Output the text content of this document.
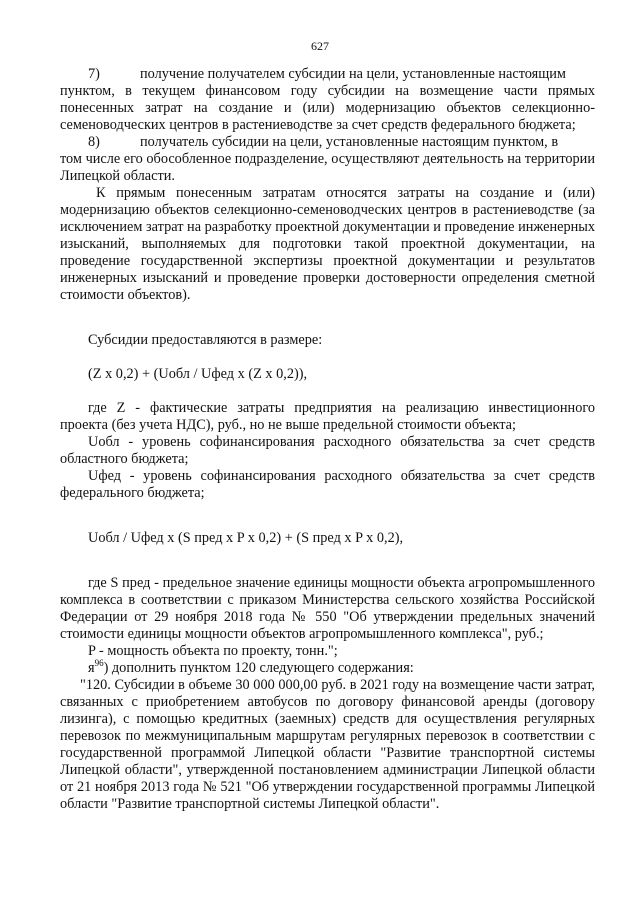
627
7)	получение получателем субсидии на цели, установленные настоящим

пунктом, в текущем финансовом году субсидии на возмещение части прямых понесенных затрат на создание и (или) модернизацию объектов селекционно-семеноводческих центров в растениеводстве за счет средств федерального бюджета;

8)	получатель субсидии на цели, установленные настоящим пунктом, в

том числе его обособленное подразделение, осуществляют деятельность на территории Липецкой области.

К прямым понесенным затратам относятся затраты на создание и (или) модернизацию объектов селекционно-семеноводческих центров в растениеводстве (за исключением затрат на разработку проектной документации и проведение инженерных изысканий, выполняемых для подготовки такой проектной документации, на проведение государственной экспертизы проектной документации и результатов инженерных изысканий и проведение проверки достоверности определения сметной стоимости объектов).

Субсидии предоставляются в размере:

(Z х 0,2) + (Uобл / Uфед х (Z х 0,2)),

где Z - фактические затраты предприятия на реализацию инвестиционного проекта (без учета НДС), руб., но не выше предельной стоимости объекта;

Uобл - уровень софинансирования расходного обязательства за счет средств областного бюджета;

Uфед - уровень софинансирования расходного обязательства за счет средств федерального бюджета;

Uобл / Uфед х (S пред х P х 0,2) + (S пред х P х 0,2),

где S пред - предельное значение единицы мощности объекта агропромышленного комплекса в соответствии с приказом Министерства сельского хозяйства Российской Федерации от 29 ноября 2018 года № 550 "Об утверждении предельных значений стоимости единицы мощности объектов агропромышленного комплекса", руб.;

P - мощность объекта по проекту, тонн.";

$я^{96}$) дополнить пунктом 120 следующего содержания:

"120. Субсидии в объеме 30 000 000,00 руб. в 2021 году на возмещение части затрат, связанных с приобретением автобусов по договору финансовой аренды (договору лизинга), с помощью кредитных (заемных) средств для осуществления регулярных перевозок по межмуниципальным маршрутам регулярных перевозок в соответствии с государственной программой Липецкой области "Развитие транспортной системы Липецкой области", утвержденной постановлением администрации Липецкой области от 21 ноября 2013 года № 521 "Об утверждении государственной программы Липецкой области "Развитие транспортной системы Липецкой области".
